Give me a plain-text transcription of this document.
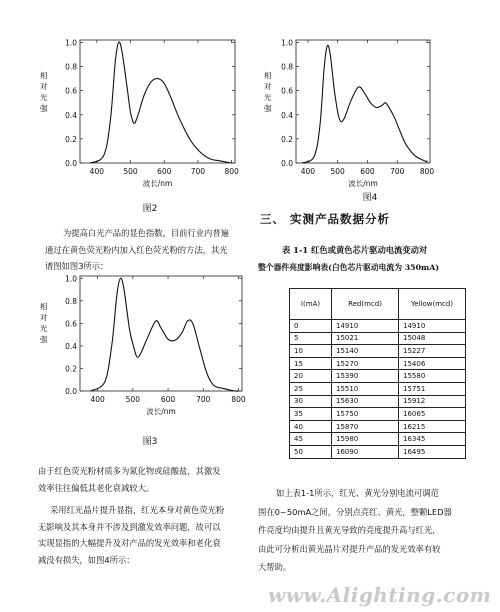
0.0
0.2
0.4
0.6
0.8
1.0
400	500	600	700	800
波长/nm
相
对
光
强
图2
0.0
0.2
0.4
0.6
0.8
1.0
400	500	600	700	800
波长/nm
相
对
光
强
图3
0.0
0.2
0.4
0.6
0.8
1.0
400 500 600 700 800
波长/nm
相
对
光
强
图4
为提高白光产品的显色指数，目前行业内普遍
通过在黄色荧光粉内加入红色荧光粉的方法，其光
谱图如图3所示：
由于红色荧光粉材质多为氮化物或硅酸盐，其激发
效率往往偏低其老化衰减较大。
采用红光晶片提升显指，红光本身对黄色荧光粉
无影响及其本身并不涉及到激发效率问题，故可以
实现显指的大幅提升及对产品的发光效率和老化衰
减没有损失，如图4所示：
三、 实测产品数据分析
表 1-1 红色或黄色芯片驱动电流变动对
整个器件亮度影响表(白色芯片驱动电流为 350mA)
I(mA)	Red(mcd)	Yellow(mcd)
0	14910	14910
5	15021	15048
10	15140	15227
15	15270	15406
20	15390	15580
25	15510	15751
30	15630	15912
35	15750	16065
40	15870	16215
45	15980	16345
50	16090	16495
如上表1-1所示，红光、黄光分别电流可调范
围在0~50mA之间，分别点亮红、黄光，整颗LED器
件亮度均由提升且黄光导致的亮度提升高与红光，
由此可分析出黄光晶片对提升产品的发光效率有较
大帮助。
www.Alighting.com
